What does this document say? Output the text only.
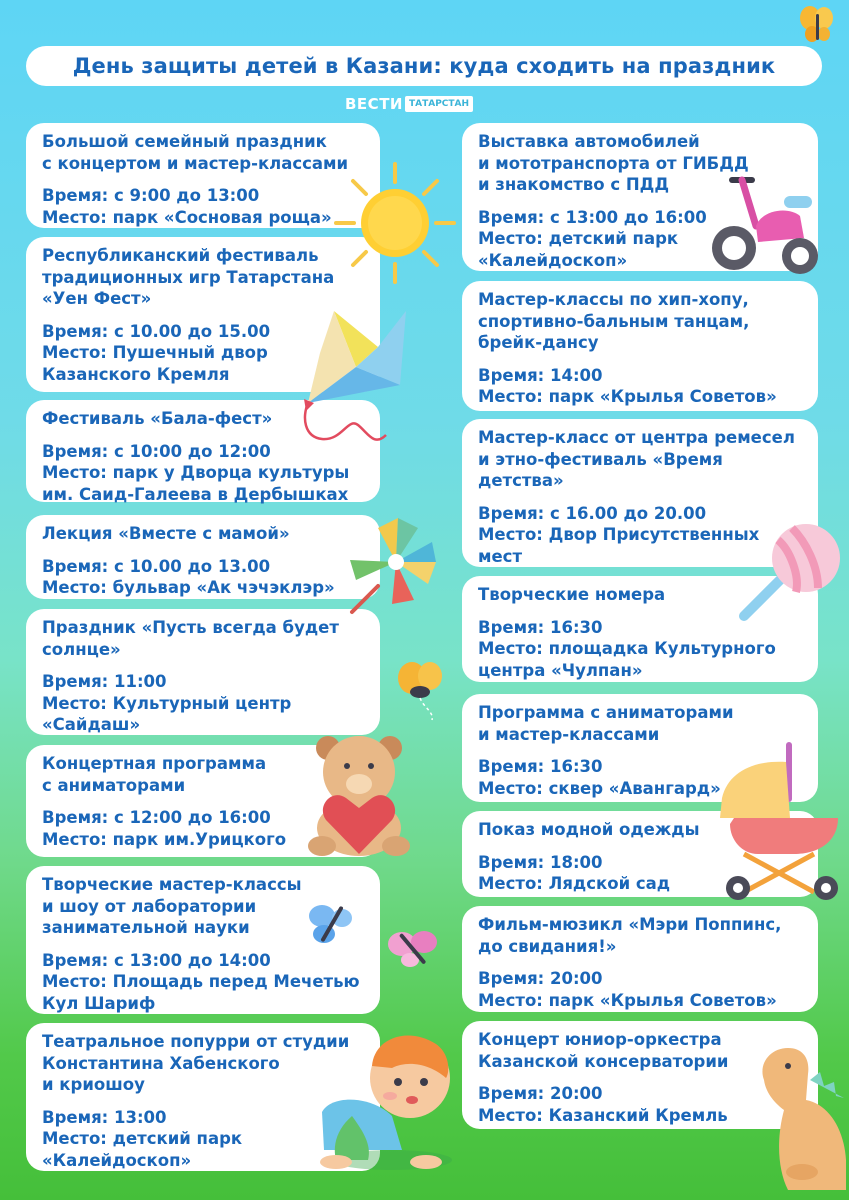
День защиты детей в Казани: куда сходить на праздник
ВЕСТИ ТАТАРСТАН
Большой семейный праздник
с концертом и мастер-классами
Время: с 9:00 до 13:00
Место: парк «Сосновая роща»
Республиканский фестиваль
традиционных игр Татарстана
«Уен Фест»
Время: с 10.00 до 15.00
Место: Пушечный двор
Казанского Кремля
Фестиваль «Бала-фест»
Время: с 10:00 до 12:00
Место: парк у Дворца культуры
им. Саид-Галеева в Дербышках
Лекция «Вместе с мамой»
Время: с 10.00 до 13.00
Место: бульвар «Ак чэчэклэр»
Праздник «Пусть всегда будет
солнце»
Время: 11:00
Место: Культурный центр
«Сайдаш»
Концертная программа
с аниматорами
Время: с 12:00 до 16:00
Место: парк им.Урицкого
Творческие мастер-классы
и шоу от лаборатории
занимательной науки
Время: с 13:00 до 14:00
Место: Площадь перед Мечетью
Кул Шариф
Театральное попурри от студии
Константина Хабенского
и криошоу
Время: 13:00
Место: детский парк
«Калейдоскоп»
Выставка автомобилей
и мототранспорта от ГИБДД
и знакомство с ПДД
Время: с 13:00 до 16:00
Место: детский парк
«Калейдоскоп»
Мастер-классы по хип-хопу,
спортивно-бальным танцам,
брейк-дансу
Время: 14:00
Место: парк «Крылья Советов»
Мастер-класс от центра ремесел
и этно-фестиваль «Время
детства»
Время: с 16.00 до 20.00
Место: Двор Присутственных
мест
Творческие номера
Время: 16:30
Место: площадка Культурного
центра «Чулпан»
Программа с аниматорами
и мастер-классами
Время: 16:30
Место: сквер «Авангард»
Показ модной одежды
Время: 18:00
Место: Лядской сад
Фильм-мюзикл «Мэри Поппинс,
до свидания!»
Время: 20:00
Место: парк «Крылья Советов»
Концерт юниор-оркестра
Казанской консерватории
Время: 20:00
Место: Казанский Кремль
